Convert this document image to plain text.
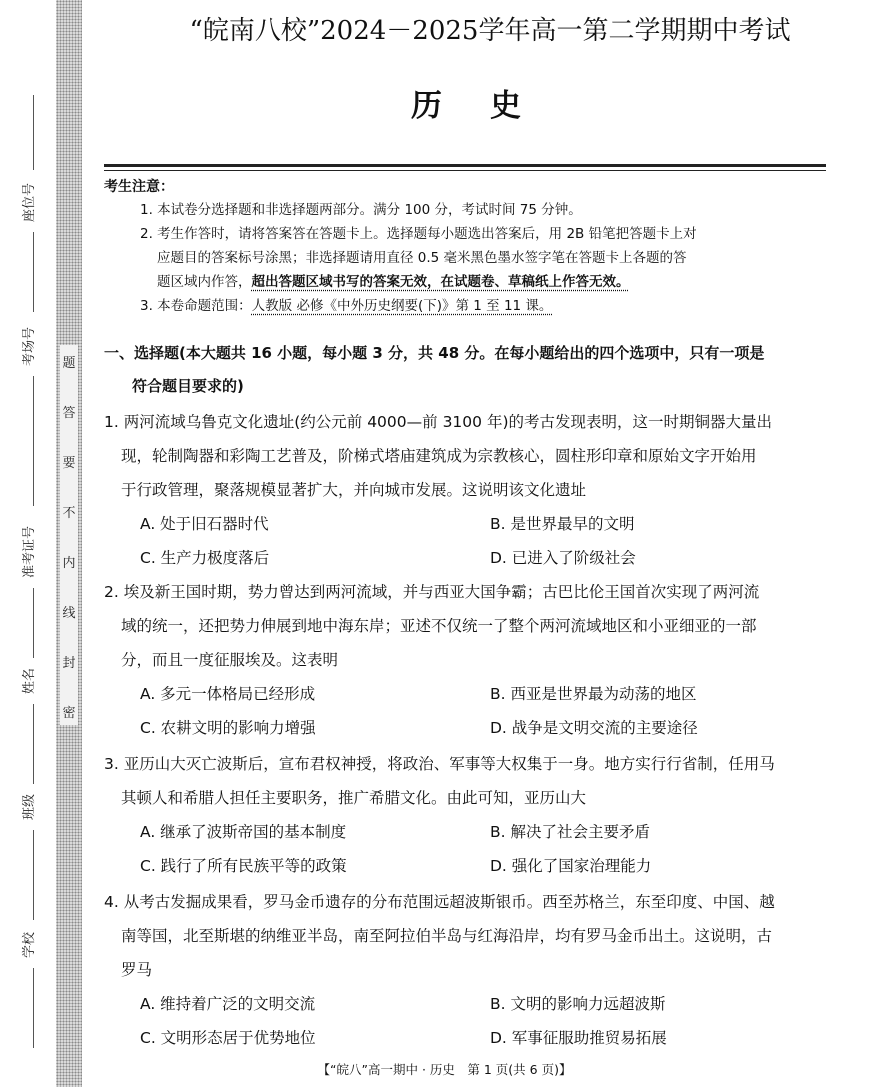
题
答
要
不
内
线
封
密
座位号
考场号
准考证号
姓名
班级
学校
“皖南八校”2024－2025学年高一第二学期期中考试
历史
考生注意：
1. 本试卷分选择题和非选择题两部分。满分 100 分，考试时间 75 分钟。
2. 考生作答时，请将答案答在答题卡上。选择题每小题选出答案后，用 2B 铅笔把答题卡上对
应题目的答案标号涂黑；非选择题请用直径 0.5 毫米黑色墨水签字笔在答题卡上各题的答
题区域内作答，超出答题区域书写的答案无效，在试题卷、草稿纸上作答无效。
3. 本卷命题范围：人教版 必修《中外历史纲要(下)》第 1 至 11 课。
一、选择题(本大题共 16 小题，每小题 3 分，共 48 分。在每小题给出的四个选项中，只有一项是
符合题目要求的)
1. 两河流域乌鲁克文化遗址(约公元前 4000—前 3100 年)的考古发现表明，这一时期铜器大量出
现，轮制陶器和彩陶工艺普及，阶梯式塔庙建筑成为宗教核心，圆柱形印章和原始文字开始用
于行政管理，聚落规模显著扩大，并向城市发展。这说明该文化遗址
A. 处于旧石器时代	B. 是世界最早的文明
C. 生产力极度落后	D. 已进入了阶级社会
2. 埃及新王国时期，势力曾达到两河流域，并与西亚大国争霸；古巴比伦王国首次实现了两河流
域的统一，还把势力伸展到地中海东岸；亚述不仅统一了整个两河流域地区和小亚细亚的一部
分，而且一度征服埃及。这表明
A. 多元一体格局已经形成	B. 西亚是世界最为动荡的地区
C. 农耕文明的影响力增强	D. 战争是文明交流的主要途径
3. 亚历山大灭亡波斯后，宣布君权神授，将政治、军事等大权集于一身。地方实行行省制，任用马
其顿人和希腊人担任主要职务，推广希腊文化。由此可知，亚历山大
A. 继承了波斯帝国的基本制度	B. 解决了社会主要矛盾
C. 践行了所有民族平等的政策	D. 强化了国家治理能力
4. 从考古发掘成果看，罗马金币遗存的分布范围远超波斯银币。西至苏格兰，东至印度、中国、越
南等国，北至斯堪的纳维亚半岛，南至阿拉伯半岛与红海沿岸，均有罗马金币出土。这说明，古
罗马
A. 维持着广泛的文明交流	B. 文明的影响力远超波斯
C. 文明形态居于优势地位	D. 军事征服助推贸易拓展
【“皖八”高一期中 · 历史　第 1 页(共 6 页)】
